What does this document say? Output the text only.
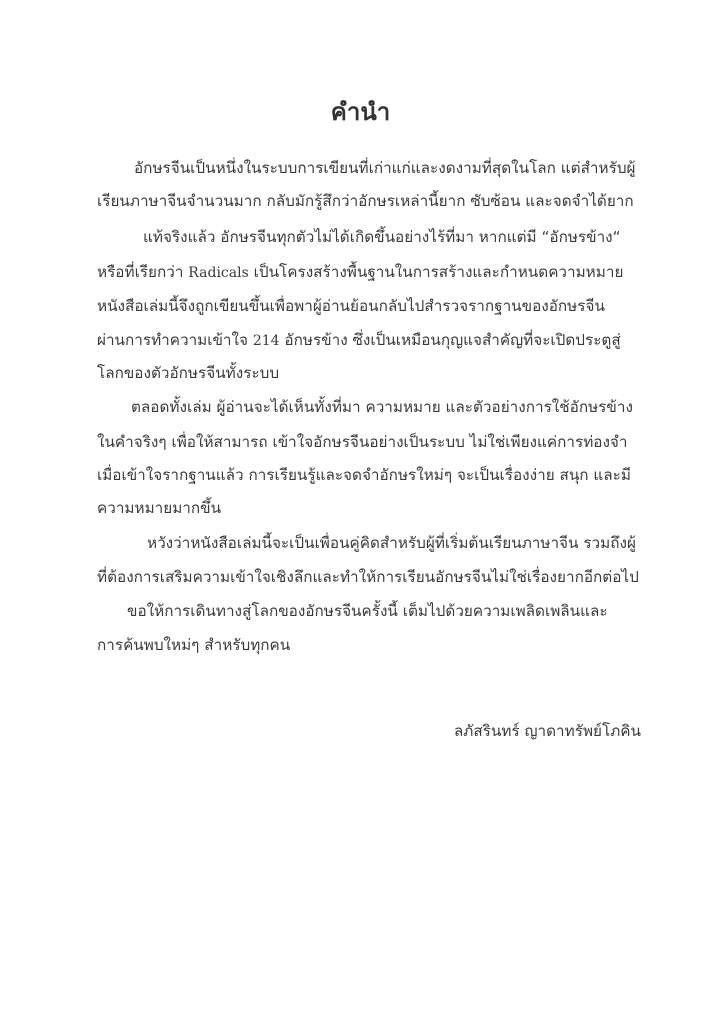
คำนำ

อักษรจีนเป็นหนึ่งในระบบการเขียนที่เก่าแก่และงดงามที่สุดในโลก แต่สำหรับผู้

เรียนภาษาจีนจำนวนมาก กลับมักรู้สึกว่าอักษรเหล่านี้ยาก ซับซ้อน และจดจำได้ยาก

แท้จริงแล้ว อักษรจีนทุกตัวไม่ได้เกิดขึ้นอย่างไร้ที่มา หากแต่มี “อักษรข้าง“

หรือที่เรียกว่า Radicals เป็นโครงสร้างพื้นฐานในการสร้างและกำหนดความหมาย

หนังสือเล่มนี้จึงถูกเขียนขึ้นเพื่อพาผู้อ่านย้อนกลับไปสำรวจรากฐานของอักษรจีน

ผ่านการทำความเข้าใจ 214 อักษรข้าง ซึ่งเป็นเหมือนกุญแจสำคัญที่จะเปิดประตูสู่

โลกของตัวอักษรจีนทั้งระบบ

ตลอดทั้งเล่ม ผู้อ่านจะได้เห็นทั้งที่มา ความหมาย และตัวอย่างการใช้อักษรข้าง

ในคำจริงๆ เพื่อให้สามารถ เข้าใจอักษรจีนอย่างเป็นระบบ ไม่ใช่เพียงแค่การท่องจำ

เมื่อเข้าใจรากฐานแล้ว การเรียนรู้และจดจำอักษรใหม่ๆ จะเป็นเรื่องง่าย สนุก และมี

ความหมายมากขึ้น

หวังว่าหนังสือเล่มนี้จะเป็นเพื่อนคู่คิดสำหรับผู้ที่เริ่มต้นเรียนภาษาจีน รวมถึงผู้

ที่ต้องการเสริมความเข้าใจเชิงลึกและทำให้การเรียนอักษรจีนไม่ใช่เรื่องยากอีกต่อไป

ขอให้การเดินทางสู่โลกของอักษรจีนครั้งนี้ เต็มไปด้วยความเพลิดเพลินและ

การค้นพบใหม่ๆ สำหรับทุกคน

ลภัสรินทร์ ญาดาทรัพย์โภคิน
